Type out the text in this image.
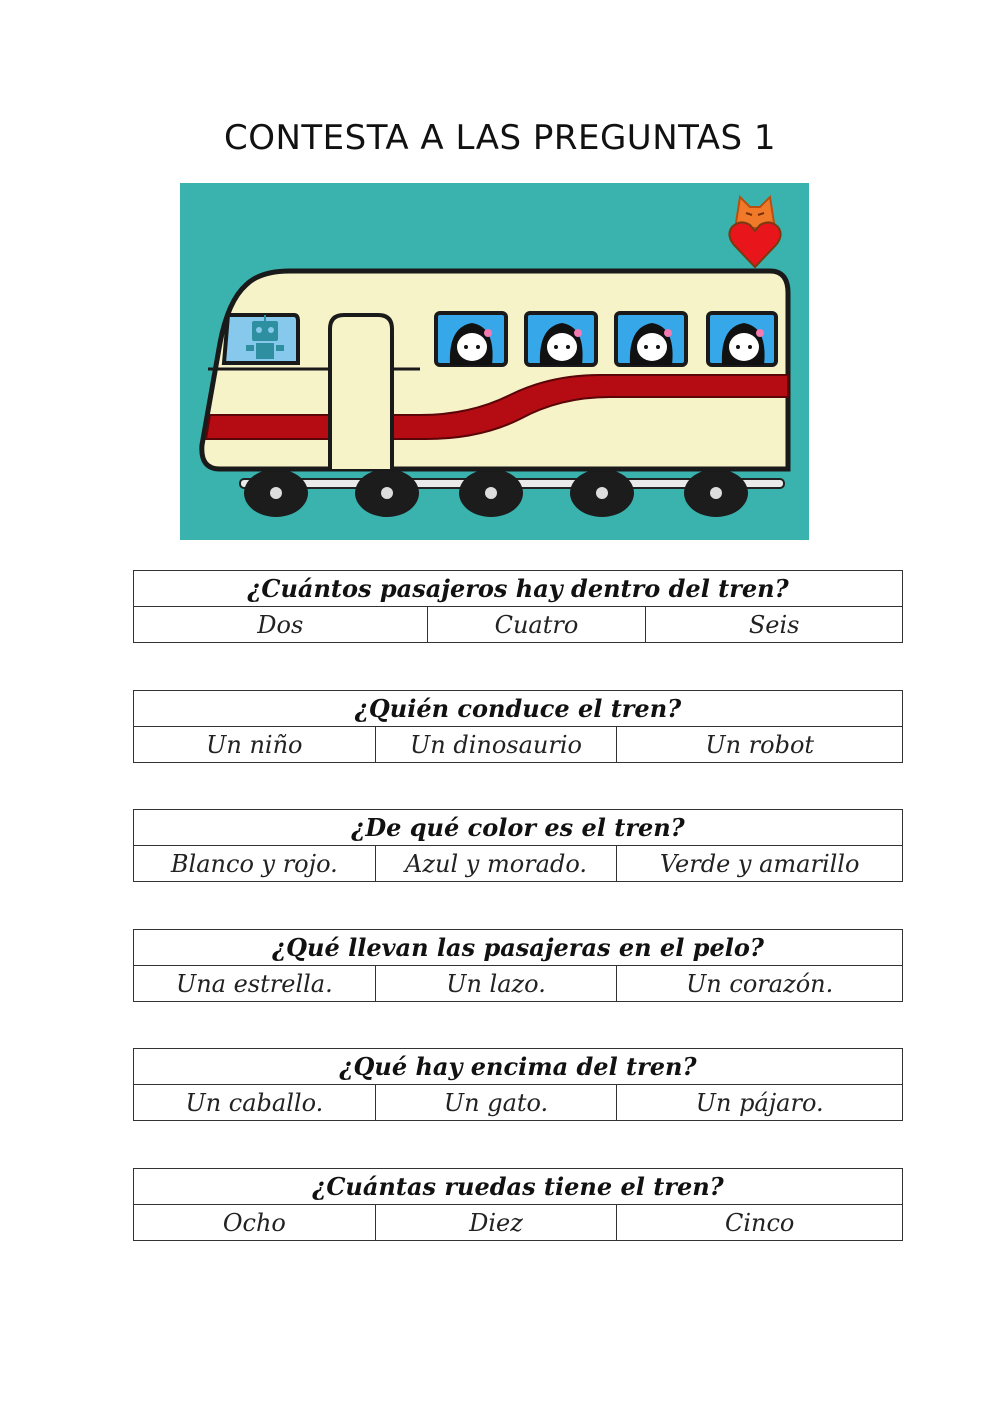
CONTESTA A LAS PREGUNTAS 1
¿Cuántos pasajeros hay dentro del tren?
Dos	Cuatro	Seis
¿Quién conduce el tren?
Un niño	Un dinosaurio	Un robot
¿De qué color es el tren?
Blanco y rojo.	Azul y morado.	Verde y amarillo
¿Qué llevan las pasajeras en el pelo?
Una estrella.	Un lazo.	Un corazón.
¿Qué hay encima del tren?
Un caballo.	Un gato.	Un pájaro.
¿Cuántas ruedas tiene el tren?
Ocho	Diez	Cinco
